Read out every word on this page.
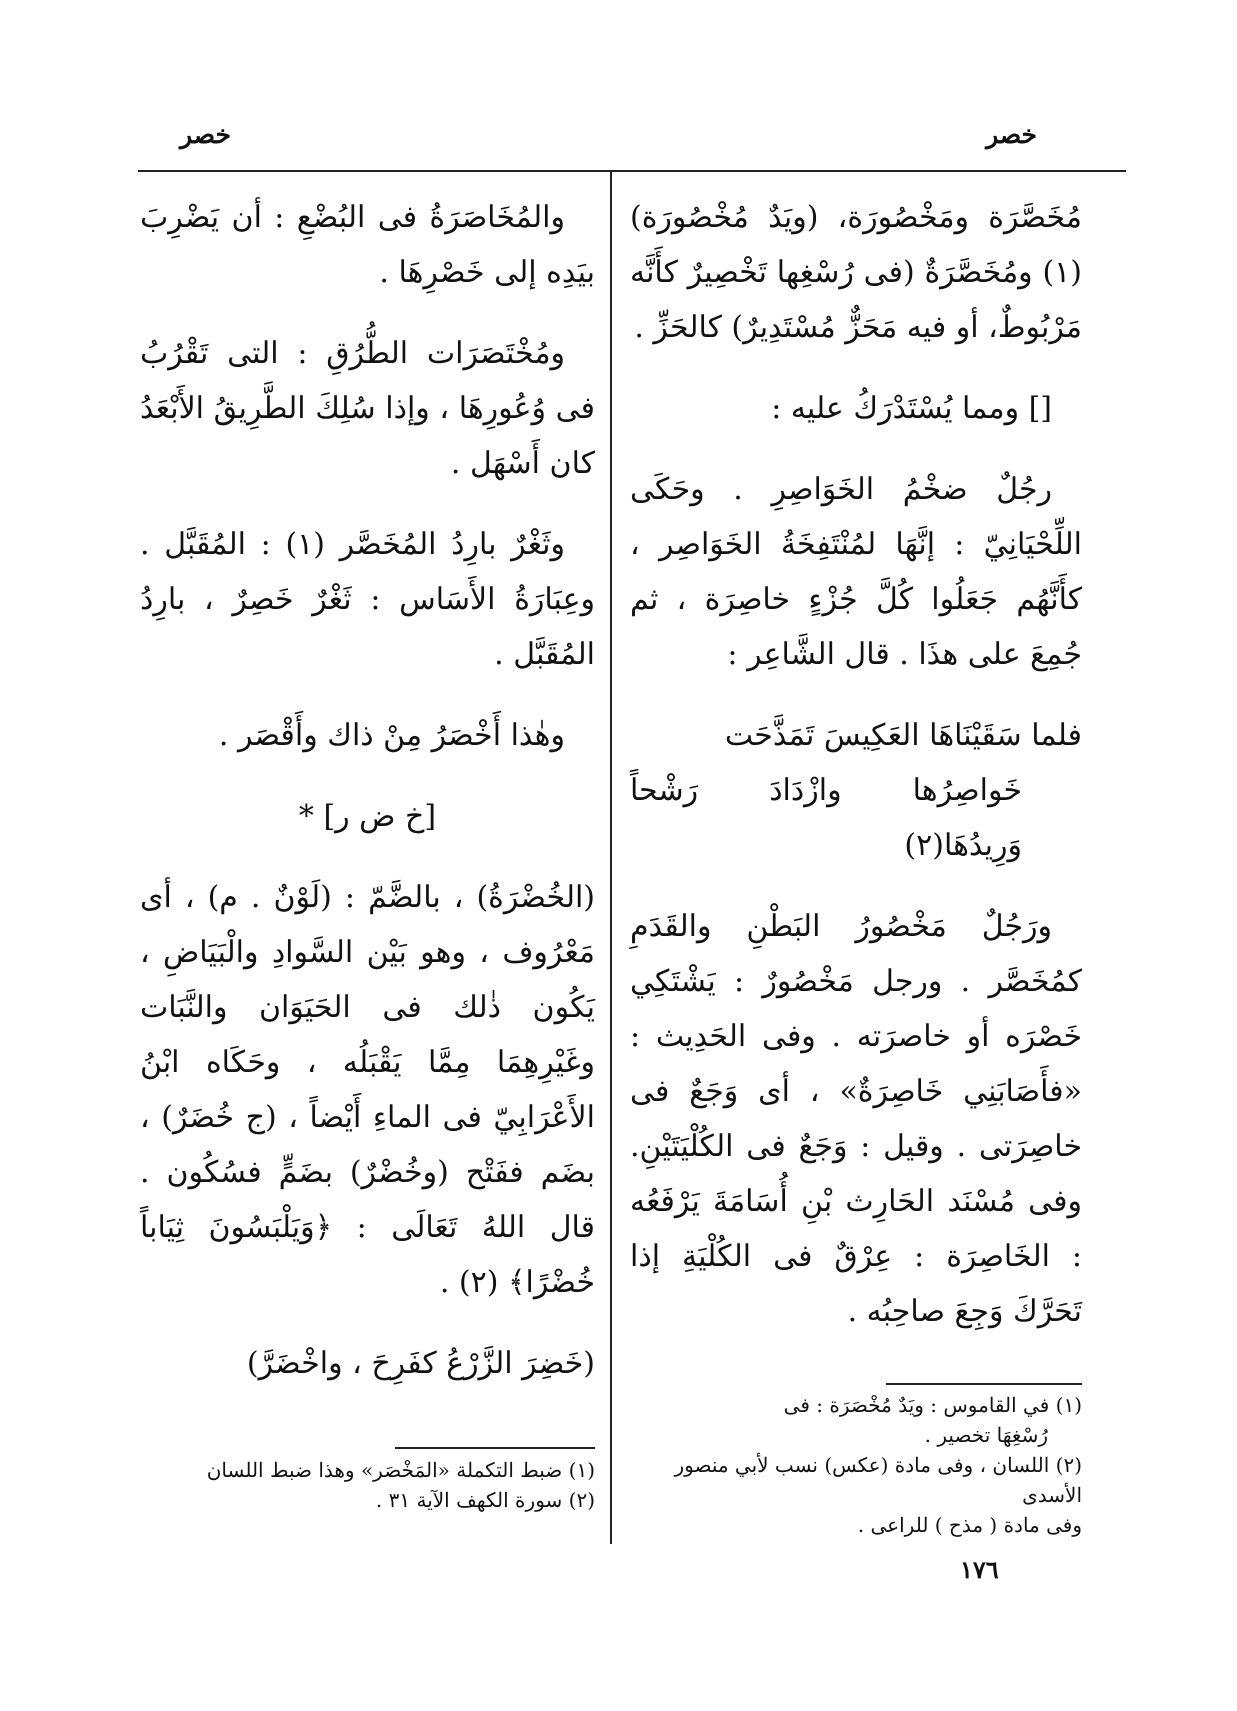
خصر
خصر

مُخَصَّرَة ومَخْصُورَة، (ويَدٌ مُخْصُورَة)(١) ومُخَصَّرَةٌ (فى رُسْغِها تَخْصِيرٌ كأَنَّه مَرْبُوطٌ، أو فيه مَحَزٌّ مُسْتَدِيرٌ) كالحَزِّ .

[] ومما يُسْتَدْرَكُ عليه :

رجُلٌ ضخْمُ الخَوَاصِرِ . وحَكَى اللِّحْيَانِيّ : إنَّهَا لمُنْتَفِخَةُ الخَوَاصِر ، كأَنَّهُم جَعَلُوا كُلَّ جُزْءٍ خاصِرَة ، ثم جُمِعَ على هذَا . قال الشَّاعِر :

فلما سَقَيْنَاهَا العَكِيسَ تَمَذَّحَت

خَواصِرُها وازْدَادَ رَشْحاً وَرِيدُهَا(٢)

ورَجُلٌ مَخْصُورُ البَطْنِ والقَدَمِ كمُخَصَّر . ورجل مَخْصُورٌ : يَشْتَكِي خَصْرَه أو خاصرَته . وفى الحَدِيث : «فأَصَابَنِي خَاصِرَةٌ» ، أى وَجَعٌ فى خاصِرَتى . وقيل : وَجَعٌ فى الكُلْيَتَيْنِ. وفى مُسْنَد الحَارِث بْنِ أُسَامَةَ يَرْفَعُه : الخَاصِرَة : عِرْقٌ فى الكُلْيَةِ إذا تَحَرَّكَ وَجِعَ صاحِبُه .

(١) في القاموس : ويَدٌ مُخْصَرَة : فى
رُسْغِهَا تخصير .
(٢) اللسان ، وفى مادة (عكس) نسب لأبي منصور الأسدى
وفى مادة ( مذح ) للراعى .

والمُخَاصَرَةُ فى البُضْعِ : أن يَضْرِبَ بيَدِه إلى خَصْرِهَا .

ومُخْتَصَرَات الطُّرُقِ : التى تَقْرُبُ فى وُعُورِهَا ، وإذا سُلِكَ الطَّرِيقُ الأَبْعَدُ كان أَسْهَل .

وثَغْرٌ بارِدُ المُخَصَّر (١) : المُقَبَّل . وعِبَارَةُ الأَسَاس : ثَغْرٌ خَصِرٌ ، بارِدُ المُقَبَّل .

وهٰذا أَخْصَرُ مِنْ ذاك وأَقْصَر .

[خ ض ر] *

(الخُضْرَةُ) ، بالضَّمّ : (لَوْنٌ . م) ، أى مَعْرُوف ، وهو بَيْن السَّوادِ والْبَيَاضِ ، يَكُون ذٰلك فى الحَيَوَان والنَّبَات وغَيْرِهِمَا مِمَّا يَقْبَلُه ، وحَكَاه ابْنُ الأَعْرَابِيّ فى الماءِ أَيْضاً ، (ج خُضَرٌ) ، بضَم ففَتْح (وخُضْرٌ) بضَمٍّ فسُكُون . قال اللهُ تَعَالَى : ﴿وَيَلْبَسُونَ ثِيَاباً خُضْرًا﴾ (٢) .

(خَضِرَ الزَّرْعُ كفَرِحَ ، واخْضَرَّ)

(١) ضبط التكملة «المَخْصَر» وهذا ضبط اللسان
(٢) سورة الكهف الآية ٣١ .
١٧٦
